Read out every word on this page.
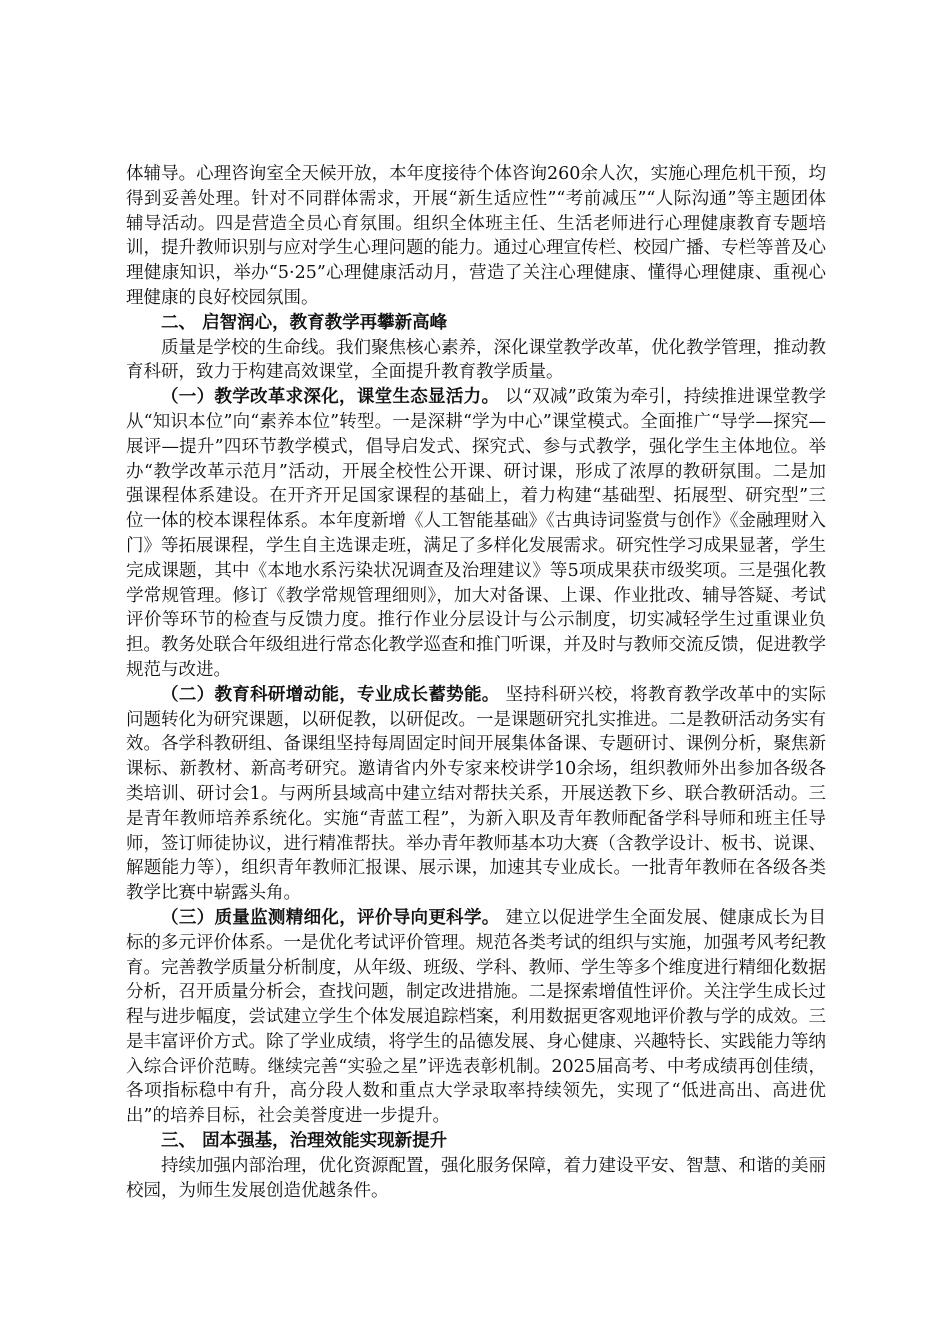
体辅导。心理咨询室全天候开放，本年度接待个体咨询260余人次，实施心理危机干预，均得到妥善处理。针对不同群体需求，开展“新生适应性”“考前减压”“人际沟通”等主题团体辅导活动。四是营造全员心育氛围。组织全体班主任、生活老师进行心理健康教育专题培训，提升教师识别与应对学生心理问题的能力。通过心理宣传栏、校园广播、专栏等普及心理健康知识，举办“5·25”心理健康活动月，营造了关注心理健康、懂得心理健康、重视心理健康的良好校园氛围。

二、 启智润心，教育教学再攀新高峰

质量是学校的生命线。我们聚焦核心素养，深化课堂教学改革，优化教学管理，推动教育科研，致力于构建高效课堂，全面提升教育教学质量。

（一）教学改革求深化，课堂生态显活力。 以“双减”政策为牵引，持续推进课堂教学从“知识本位”向“素养本位”转型。一是深耕“学为中心”课堂模式。全面推广“导学—探究—展评—提升”四环节教学模式，倡导启发式、探究式、参与式教学，强化学生主体地位。举办“教学改革示范月”活动，开展全校性公开课、研讨课，形成了浓厚的教研氛围。二是加强课程体系建设。在开齐开足国家课程的基础上，着力构建“基础型、拓展型、研究型”三位一体的校本课程体系。本年度新增《人工智能基础》《古典诗词鉴赏与创作》《金融理财入门》等拓展课程，学生自主选课走班，满足了多样化发展需求。研究性学习成果显著，学生完成课题，其中《本地水系污染状况调查及治理建议》等5项成果获市级奖项。三是强化教学常规管理。修订《教学常规管理细则》，加大对备课、上课、作业批改、辅导答疑、考试评价等环节的检查与反馈力度。推行作业分层设计与公示制度，切实减轻学生过重课业负担。教务处联合年级组进行常态化教学巡查和推门听课，并及时与教师交流反馈，促进教学规范与改进。

（二）教育科研增动能，专业成长蓄势能。 坚持科研兴校，将教育教学改革中的实际问题转化为研究课题，以研促教，以研促改。一是课题研究扎实推进。二是教研活动务实有效。各学科教研组、备课组坚持每周固定时间开展集体备课、专题研讨、课例分析，聚焦新课标、新教材、新高考研究。邀请省内外专家来校讲学10余场，组织教师外出参加各级各类培训、研讨会1。与两所县域高中建立结对帮扶关系，开展送教下乡、联合教研活动。三是青年教师培养系统化。实施“青蓝工程”，为新入职及青年教师配备学科导师和班主任导师，签订师徒协议，进行精准帮扶。举办青年教师基本功大赛（含教学设计、板书、说课、解题能力等），组织青年教师汇报课、展示课，加速其专业成长。一批青年教师在各级各类教学比赛中崭露头角。

（三）质量监测精细化，评价导向更科学。 建立以促进学生全面发展、健康成长为目标的多元评价体系。一是优化考试评价管理。规范各类考试的组织与实施，加强考风考纪教育。完善教学质量分析制度，从年级、班级、学科、教师、学生等多个维度进行精细化数据分析，召开质量分析会，查找问题，制定改进措施。二是探索增值性评价。关注学生成长过程与进步幅度，尝试建立学生个体发展追踪档案，利用数据更客观地评价教与学的成效。三是丰富评价方式。除了学业成绩，将学生的品德发展、身心健康、兴趣特长、实践能力等纳入综合评价范畴。继续完善“实验之星”评选表彰机制。2025届高考、中考成绩再创佳绩，各项指标稳中有升，高分段人数和重点大学录取率持续领先，实现了“低进高出、高进优出”的培养目标，社会美誉度进一步提升。

三、 固本强基，治理效能实现新提升

持续加强内部治理，优化资源配置，强化服务保障，着力建设平安、智慧、和谐的美丽校园，为师生发展创造优越条件。
